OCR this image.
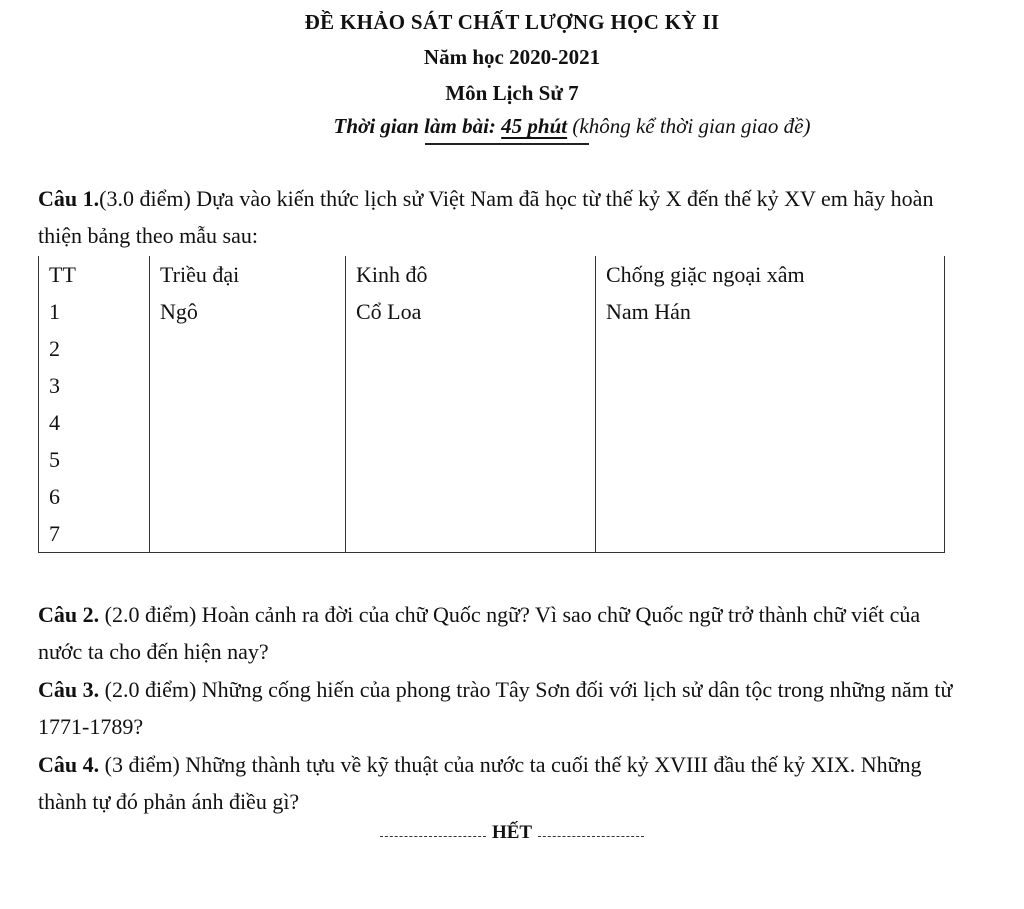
ĐỀ KHẢO SÁT CHẤT LƯỢNG HỌC KỲ II
Năm học 2020-2021
Môn Lịch Sử 7
Thời gian làm bài: 45 phút (không kể thời gian giao đề)
Câu 1.(3.0 điểm) Dựa vào kiến thức lịch sử Việt Nam đã học từ thế kỷ X đến thế kỷ XV em hãy hoàn thiện bảng theo mẫu sau:
TT	Triều đại	Kinh đô	Chống giặc ngoại xâm
1	Ngô	Cổ Loa	Nam Hán
2			
3			
4			
5			
6			
7			
Câu 2. (2.0 điểm) Hoàn cảnh ra đời của chữ Quốc ngữ? Vì sao chữ Quốc ngữ trở thành chữ viết của nước ta cho đến hiện nay?
Câu 3. (2.0 điểm) Những cống hiến của phong trào Tây Sơn đối với lịch sử dân tộc trong những năm từ 1771-1789?
Câu 4. (3 điểm) Những thành tựu về kỹ thuật của nước ta cuối thế kỷ XVIII đầu thế kỷ XIX. Những thành tự đó phản ánh điều gì?
HẾT
